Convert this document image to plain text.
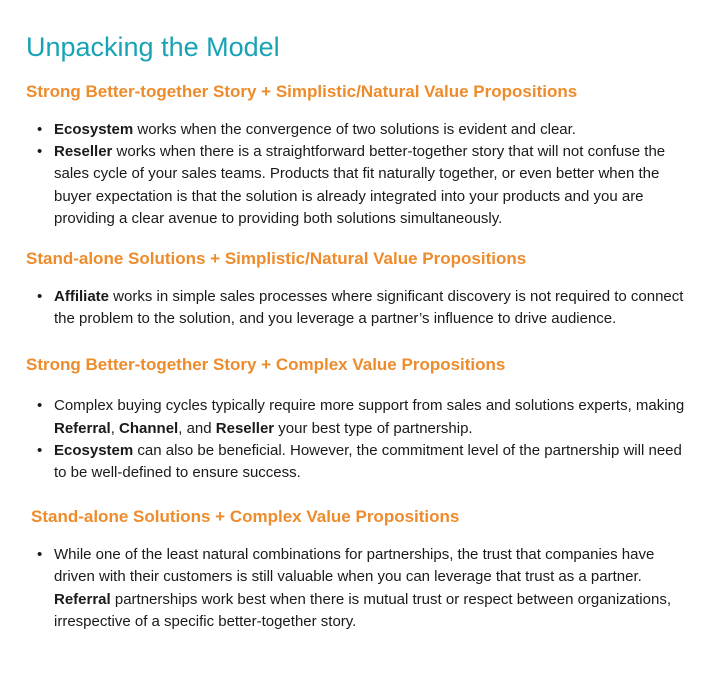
Unpacking the Model
Strong Better-together Story + Simplistic/Natural Value Propositions
• Ecosystem works when the convergence of two solutions is evident and clear.
• Reseller works when there is a straightforward better-together story that will not confuse the sales cycle of your sales teams. Products that fit naturally together, or even better when the buyer expectation is that the solution is already integrated into your products and you are providing a clear avenue to providing both solutions simultaneously.
Stand-alone Solutions + Simplistic/Natural Value Propositions
• Affiliate works in simple sales processes where significant discovery is not required to connect the problem to the solution, and you leverage a partner’s influence to drive audience.
Strong Better-together Story + Complex Value Propositions
• Complex buying cycles typically require more support from sales and solutions experts, making Referral, Channel, and Reseller your best type of partnership.
• Ecosystem can also be beneficial. However, the commitment level of the partnership will need to be well-defined to ensure success.
Stand-alone Solutions + Complex Value Propositions
• While one of the least natural combinations for partnerships, the trust that companies have driven with their customers is still valuable when you can leverage that trust as a partner. Referral partnerships work best when there is mutual trust or respect between organizations, irrespective of a specific better-together story.
